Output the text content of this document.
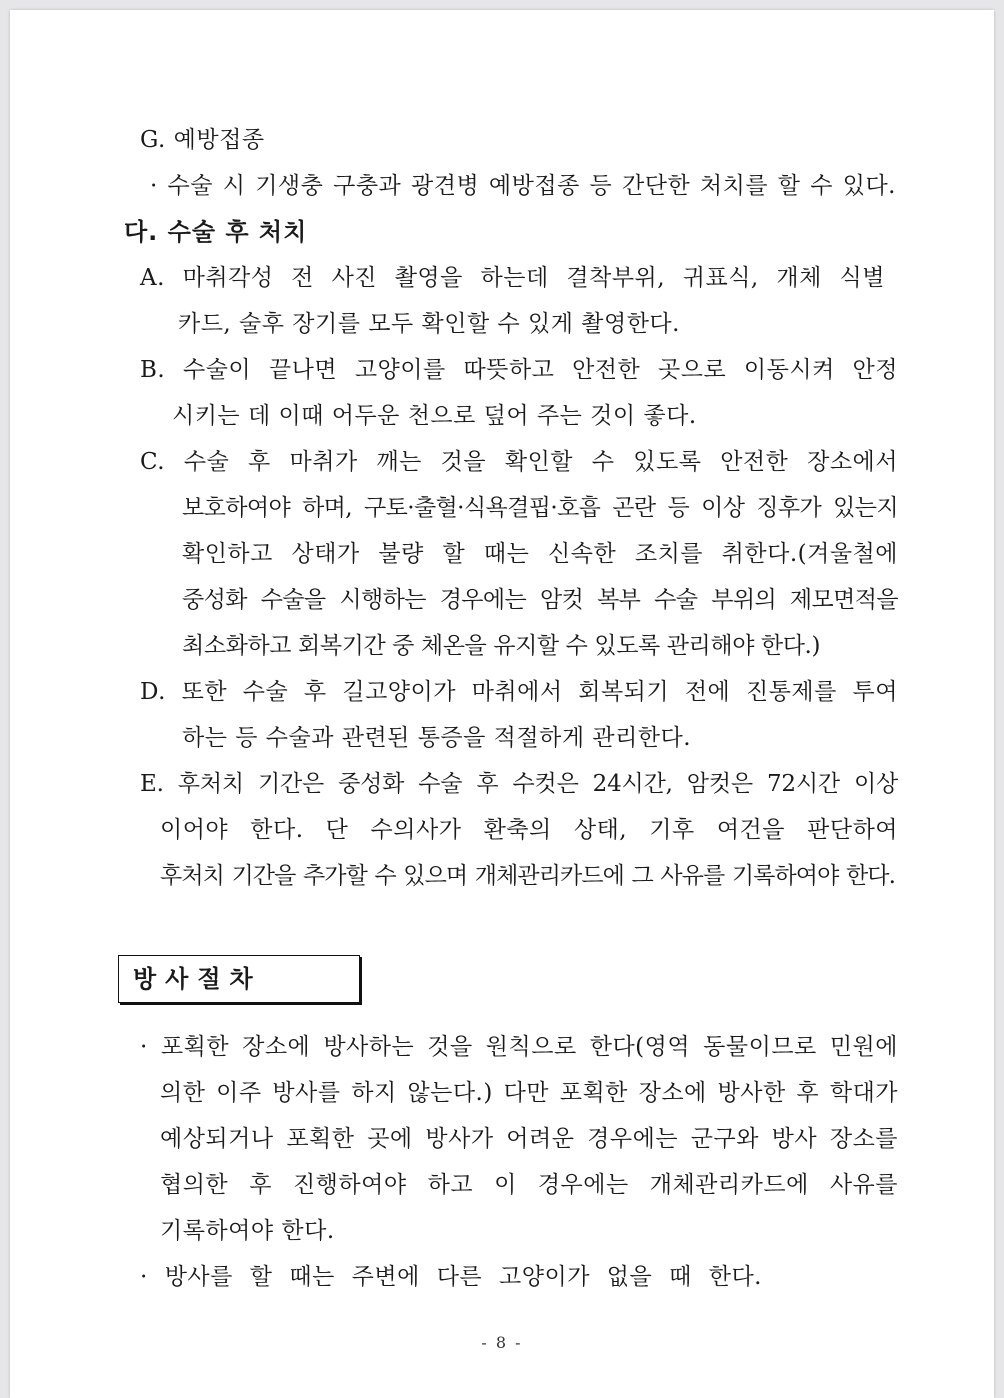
G. 예방접종
· 수술 시 기생충 구충과 광견병 예방접종 등 간단한 처치를 할 수 있다.
다. 수술 후 처치
A. 마취각성 전 사진 촬영을 하는데 결착부위, 귀표식, 개체 식별
카드, 술후 장기를 모두 확인할 수 있게 촬영한다.
B. 수술이 끝나면 고양이를 따뜻하고 안전한 곳으로 이동시켜 안정
시키는 데 이때 어두운 천으로 덮어 주는 것이 좋다.
C. 수술 후 마취가 깨는 것을 확인할 수 있도록 안전한 장소에서
보호하여야 하며, 구토·출혈·식욕결핍·호흡 곤란 등 이상 징후가 있는지
확인하고 상태가 불량 할 때는 신속한 조치를 취한다.(겨울철에
중성화 수술을 시행하는 경우에는 암컷 복부 수술 부위의 제모면적을
최소화하고 회복기간 중 체온을 유지할 수 있도록 관리해야 한다.)
D. 또한 수술 후 길고양이가 마취에서 회복되기 전에 진통제를 투여
하는 등 수술과 관련된 통증을 적절하게 관리한다.
E. 후처치 기간은 중성화 수술 후 수컷은 24시간, 암컷은 72시간 이상
이어야 한다. 단 수의사가 환축의 상태, 기후 여건을 판단하여
후처치 기간을 추가할 수 있으며 개체관리카드에 그 사유를 기록하여야 한다.
방사절차
· 포획한 장소에 방사하는 것을 원칙으로 한다(영역 동물이므로 민원에
의한 이주 방사를 하지 않는다.) 다만 포획한 장소에 방사한 후 학대가
예상되거나 포획한 곳에 방사가 어려운 경우에는 군구와 방사 장소를
협의한 후 진행하여야 하고 이 경우에는 개체관리카드에 사유를
기록하여야 한다.
· 방사를 할 때는 주변에 다른 고양이가 없을 때 한다.
- 8 -
